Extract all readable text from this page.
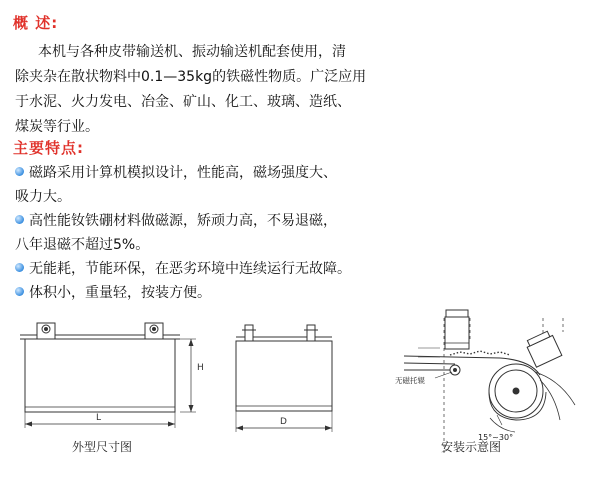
概 述:
本机与各种皮带输送机、振动输送机配套使用，清
除夹杂在散状物料中0.1—35kg的铁磁性物质。广泛应用
于水泥、火力发电、冶金、矿山、化工、玻璃、造纸、
煤炭等行业。
主要特点:
磁路采用计算机模拟设计，性能高，磁场强度大、
吸力大。
高性能钕铁硼材料做磁源，矫顽力高，不易退磁，
八年退磁不超过5%。
无能耗，节能环保，在恶劣环境中连续运行无故障。
体积小，重量轻，按装方便。
H
L	D
无磁托辊
15°~30°
外型尺寸图	安装示意图
